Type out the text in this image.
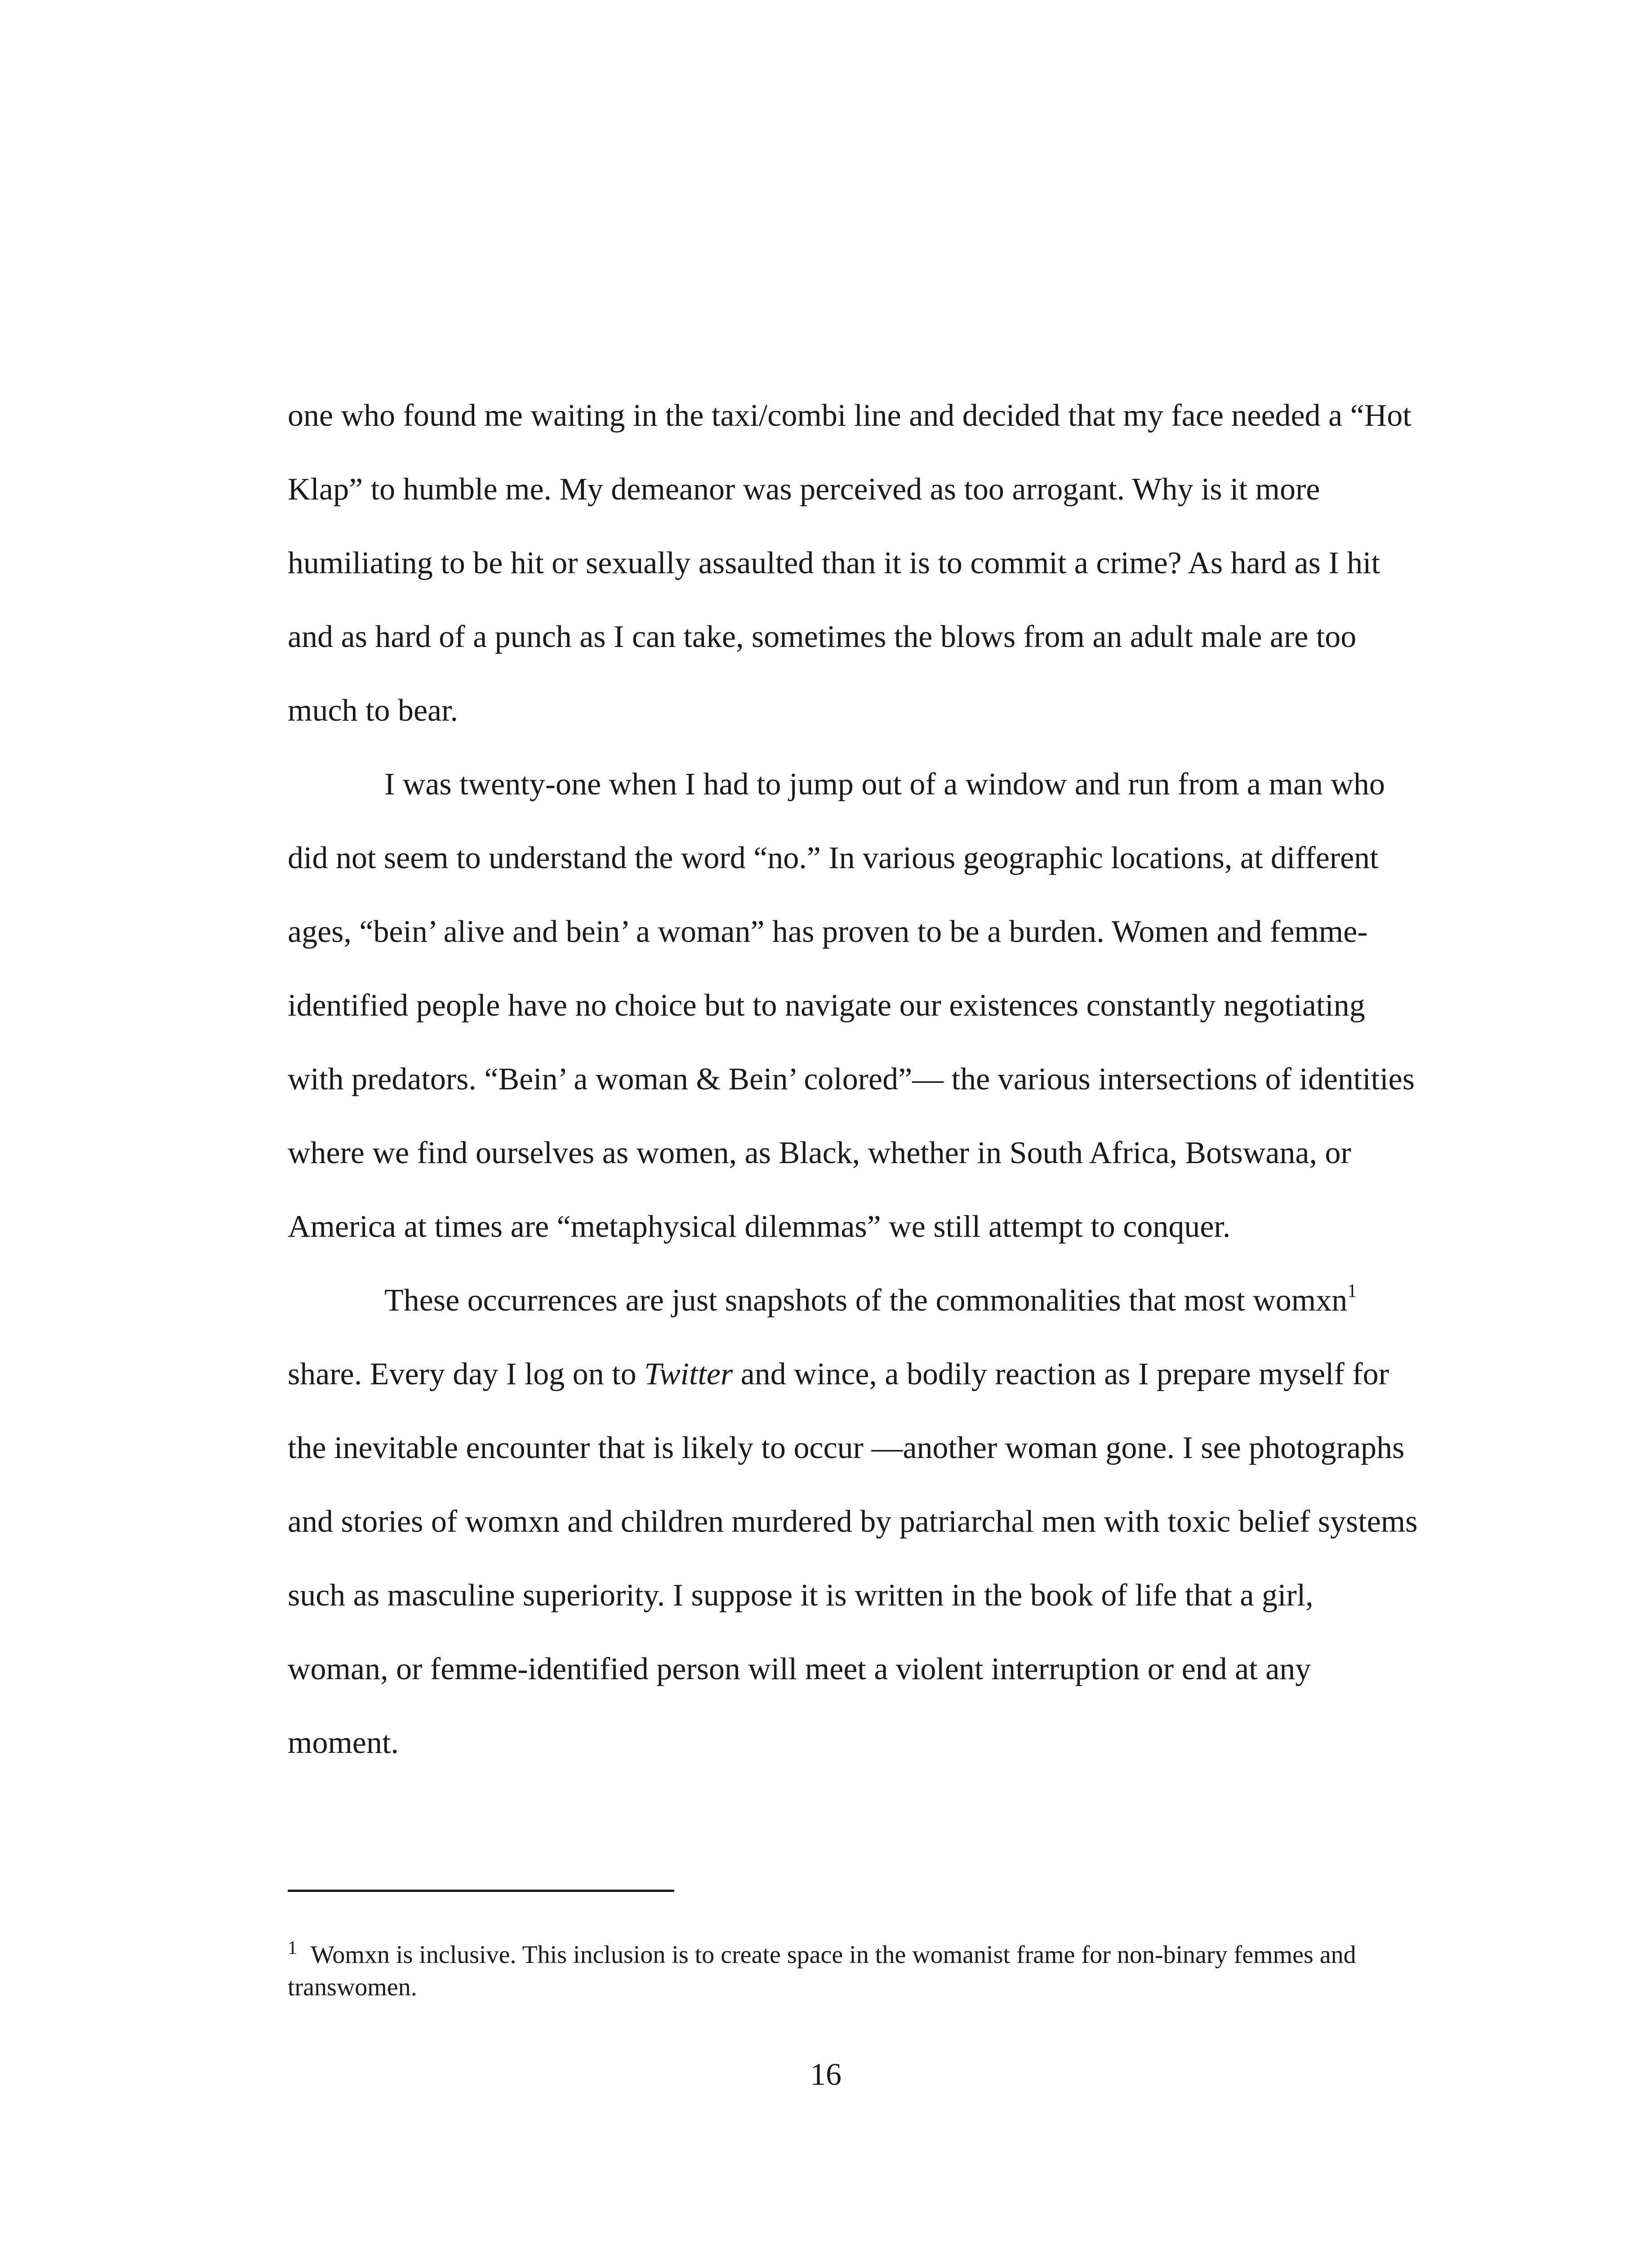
one who found me waiting in the taxi/combi line and decided that my face needed a “Hot
Klap” to humble me. My demeanor was perceived as too arrogant. Why is it more
humiliating to be hit or sexually assaulted than it is to commit a crime? As hard as I hit
and as hard of a punch as I can take, sometimes the blows from an adult male are too
much to bear.
I was twenty-one when I had to jump out of a window and run from a man who
did not seem to understand the word “no.” In various geographic locations, at different
ages, “bein’ alive and bein’ a woman” has proven to be a burden. Women and femme-
identified people have no choice but to navigate our existences constantly negotiating
with predators. “Bein’ a woman & Bein’ colored”— the various intersections of identities
where we find ourselves as women, as Black, whether in South Africa, Botswana, or
America at times are “metaphysical dilemmas” we still attempt to conquer.
These occurrences are just snapshots of the commonalities that most womxn$^1$
share. Every day I log on to Twitter and wince, a bodily reaction as I prepare myself for
the inevitable encounter that is likely to occur —another woman gone. I see photographs
and stories of womxn and children murdered by patriarchal men with toxic belief systems
such as masculine superiority. I suppose it is written in the book of life that a girl,
woman, or femme-identified person will meet a violent interruption or end at any
moment.
$^1$ Womxn is inclusive. This inclusion is to create space in the womanist frame for non-binary femmes and
transwomen.
16
